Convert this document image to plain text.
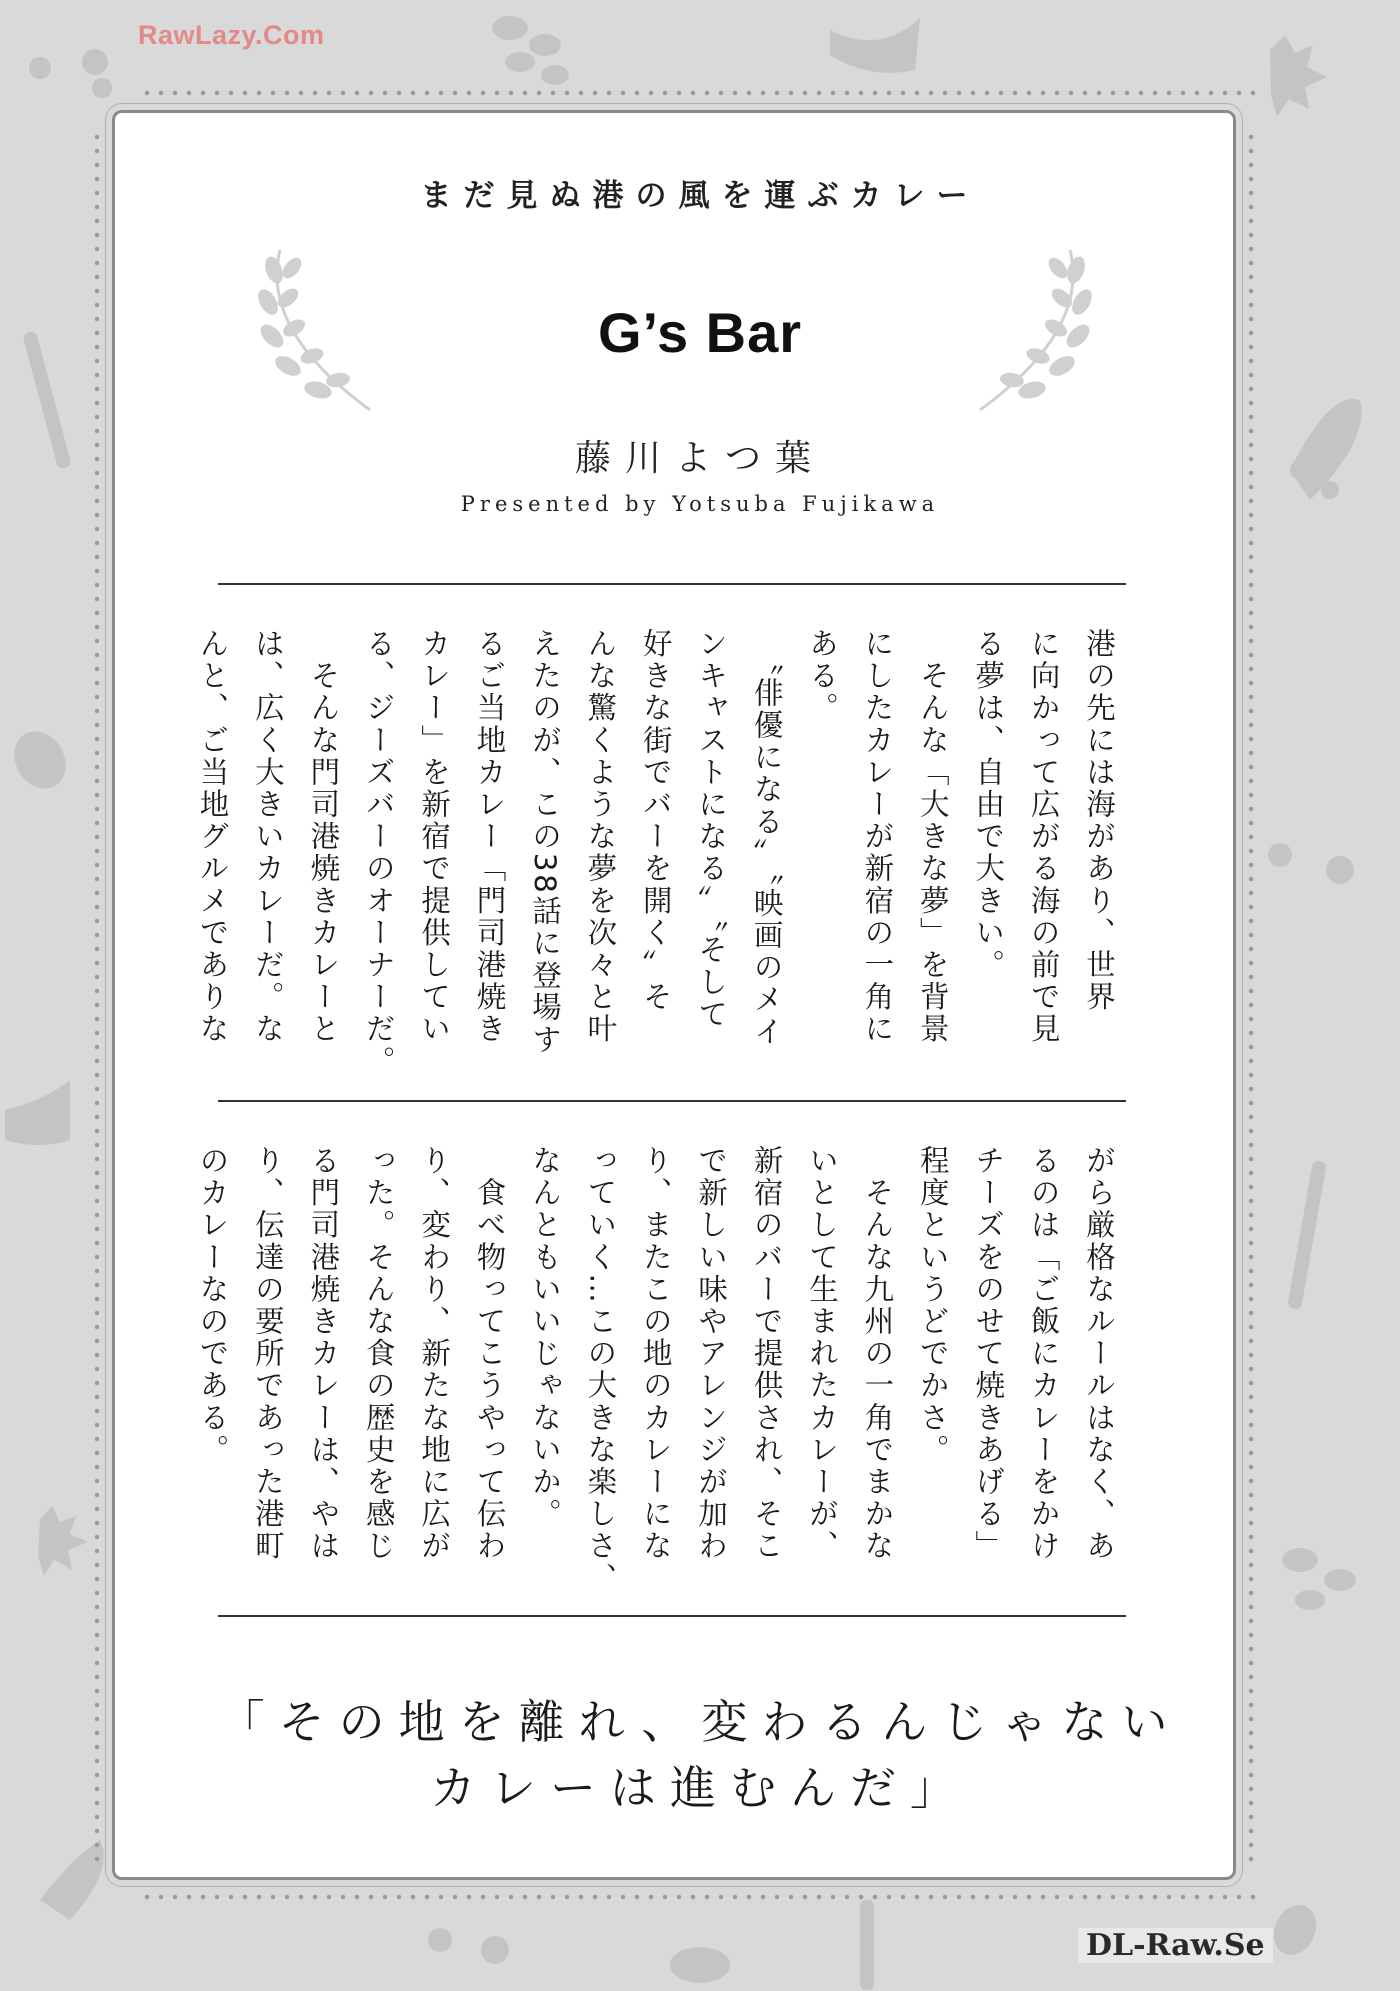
RawLazy.Com
DL-Raw.Se
まだ見ぬ港の風を運ぶカレー
G’s Bar
藤川よつ葉
Presented by Yotsuba Fujikawa
港の先には海があり、世界
に向かって広がる海の前で見
る夢は、自由で大きい。
　そんな「大きな夢」を背景
にしたカレーが新宿の一角に
ある。
　〝俳優になる〟〝映画のメイ
ンキャストになる〟〝そして
好きな街でバーを開く〟そ
んな驚くような夢を次々と叶
えたのが、この38話に登場す
るご当地カレー「門司港焼き
カレー」を新宿で提供してい
る、ジーズバーのオーナーだ。
　そんな門司港焼きカレーと
は、広く大きいカレーだ。な
んと、ご当地グルメでありな
がら厳格なルールはなく、あ
るのは「ご飯にカレーをかけ
チーズをのせて焼きあげる」
程度というどでかさ。
　そんな九州の一角でまかな
いとして生まれたカレーが、
新宿のバーで提供され、そこ
で新しい味やアレンジが加わ
り、またこの地のカレーにな
っていく…この大きな楽しさ、
なんともいいじゃないか。
　食べ物ってこうやって伝わ
り、変わり、新たな地に広が
った。そんな食の歴史を感じ
る門司港焼きカレーは、やは
り、伝達の要所であった港町
のカレーなのである。
「その地を離れ、変わるんじゃない
カレーは進むんだ」
